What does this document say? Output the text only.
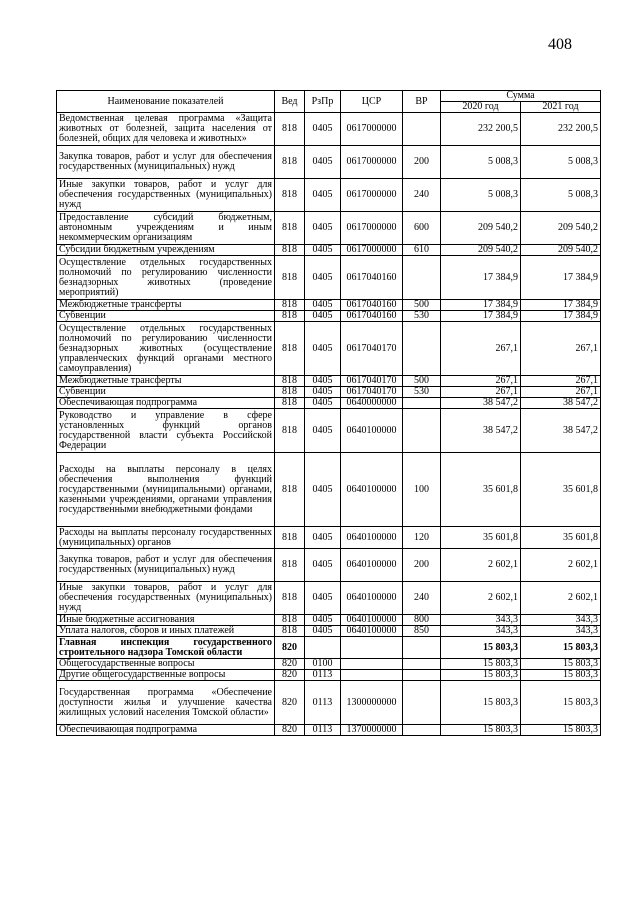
408
Наименование показателей	Вед	РзПр	ЦСР	ВР	Сумма	
					2020 год	2021 год
Ведомственная целевая программа «Защита животных от болезней, защита населения от болезней, общих для человека и животных»	818	0405	0617000000		232 200,5	232 200,5
Закупка товаров, работ и услуг для обеспечения государственных (муниципальных) нужд	818	0405	0617000000	200	5 008,3	5 008,3
Иные закупки товаров, работ и услуг для обеспечения государственных (муниципальных) нужд	818	0405	0617000000	240	5 008,3	5 008,3
Предоставление субсидий бюджетным, автономным учреждениям и иным некоммерческим организациям	818	0405	0617000000	600	209 540,2	209 540,2
Субсидии бюджетным учреждениям	818	0405	0617000000	610	209 540,2	209 540,2
Осуществление отдельных государственных полномочий по регулированию численности безнадзорных животных (проведение мероприятий)	818	0405	0617040160		17 384,9	17 384,9
Межбюджетные трансферты	818	0405	0617040160	500	17 384,9	17 384,9
Субвенции	818	0405	0617040160	530	17 384,9	17 384,9
Осуществление отдельных государственных полномочий по регулированию численности безнадзорных животных (осуществление управленческих функций органами местного самоуправления)	818	0405	0617040170		267,1	267,1
Межбюджетные трансферты	818	0405	0617040170	500	267,1	267,1
Субвенции	818	0405	0617040170	530	267,1	267,1
Обеспечивающая подпрограмма	818	0405	0640000000		38 547,2	38 547,2
Руководство и управление в сфере установленных функций органов государственной власти субъекта Российской Федерации	818	0405	0640100000		38 547,2	38 547,2
Расходы на выплаты персоналу в целях обеспечения выполнения функций государственными (муниципальными) органами, казенными учреждениями, органами управления государственными внебюджетными фондами	818	0405	0640100000	100	35 601,8	35 601,8
Расходы на выплаты персоналу государственных (муниципальных) органов	818	0405	0640100000	120	35 601,8	35 601,8
Закупка товаров, работ и услуг для обеспечения государственных (муниципальных) нужд	818	0405	0640100000	200	2 602,1	2 602,1
Иные закупки товаров, работ и услуг для обеспечения государственных (муниципальных) нужд	818	0405	0640100000	240	2 602,1	2 602,1
Иные бюджетные ассигнования	818	0405	0640100000	800	343,3	343,3
Уплата налогов, сборов и иных платежей	818	0405	0640100000	850	343,3	343,3
Главная инспекция государственного строительного надзора Томской области	820				15 803,3	15 803,3
Общегосударственные вопросы	820	0100			15 803,3	15 803,3
Другие общегосударственные вопросы	820	0113			15 803,3	15 803,3
Государственная программа «Обеспечение доступности жилья и улучшение качества жилищных условий населения Томской области»	820	0113	1300000000		15 803,3	15 803,3
Обеспечивающая подпрограмма	820	0113	1370000000		15 803,3	15 803,3
